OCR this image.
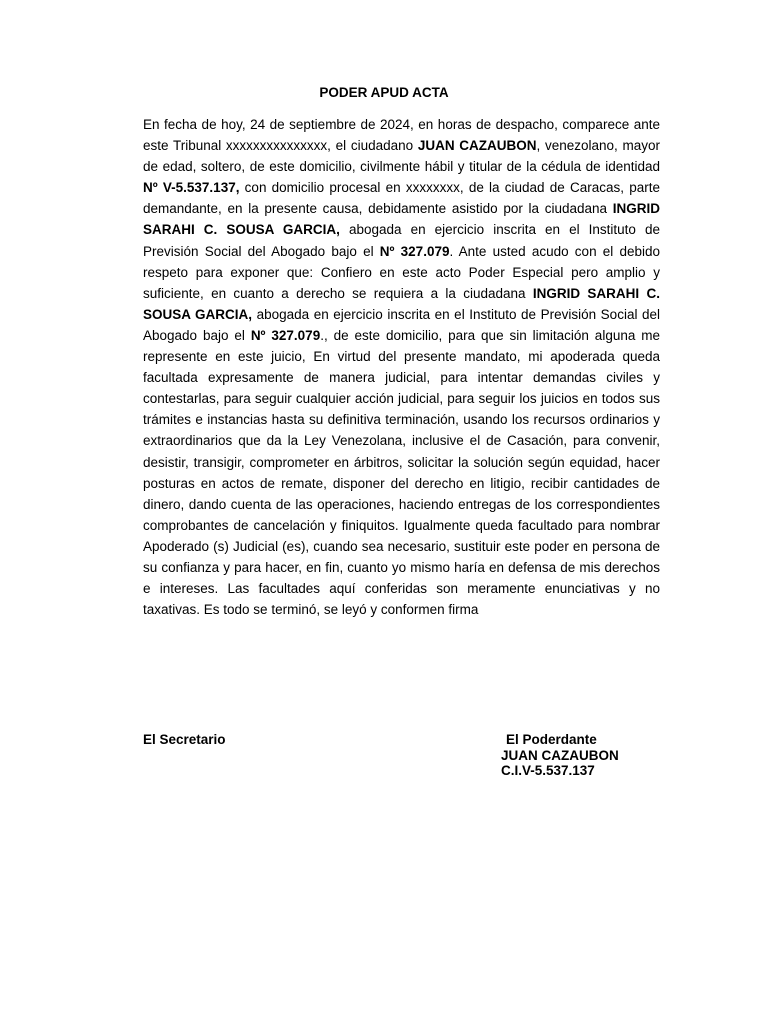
PODER APUD ACTA

En fecha de hoy, 24 de septiembre de 2024, en horas de despacho, comparece ante este Tribunal xxxxxxxxxxxxxxx, el ciudadano JUAN CAZAUBON, venezolano, mayor de edad, soltero, de este domicilio, civilmente hábil y titular de la cédula de identidad Nº V-5.537.137, con domicilio procesal en xxxxxxxx, de la ciudad de Caracas, parte demandante, en la presente causa, debidamente asistido por la ciudadana INGRID SARAHI C. SOUSA GARCIA, abogada en ejercicio inscrita en el Instituto de Previsión Social del Abogado bajo el Nº 327.079. Ante usted acudo con el debido respeto para exponer que: Confiero en este acto Poder Especial pero amplio y suficiente, en cuanto a derecho se requiera a la ciudadana INGRID SARAHI C. SOUSA GARCIA, abogada en ejercicio inscrita en el Instituto de Previsión Social del Abogado bajo el Nº 327.079., de este domicilio, para que sin limitación alguna me represente en este juicio, En virtud del presente mandato, mi apoderada queda facultada expresamente de manera judicial, para intentar demandas civiles y contestarlas, para seguir cualquier acción judicial, para seguir los juicios en todos sus trámites e instancias hasta su definitiva terminación, usando los recursos ordinarios y extraordinarios que da la Ley Venezolana, inclusive el de Casación, para convenir, desistir, transigir, comprometer en árbitros, solicitar la solución según equidad, hacer posturas en actos de remate, disponer del derecho en litigio, recibir cantidades de dinero, dando cuenta de las operaciones, haciendo entregas de los correspondientes comprobantes de cancelación y finiquitos. Igualmente queda facultado para nombrar Apoderado (s) Judicial (es), cuando sea necesario, sustituir este poder en persona de su confianza y para hacer, en fin, cuanto yo mismo haría en defensa de mis derechos e intereses. Las facultades aquí conferidas son meramente enunciativas y no taxativas. Es todo se terminó, se leyó y conformen firma

El Secretario	El Poderdante
JUAN CAZAUBON
C.I.V-5.537.137
